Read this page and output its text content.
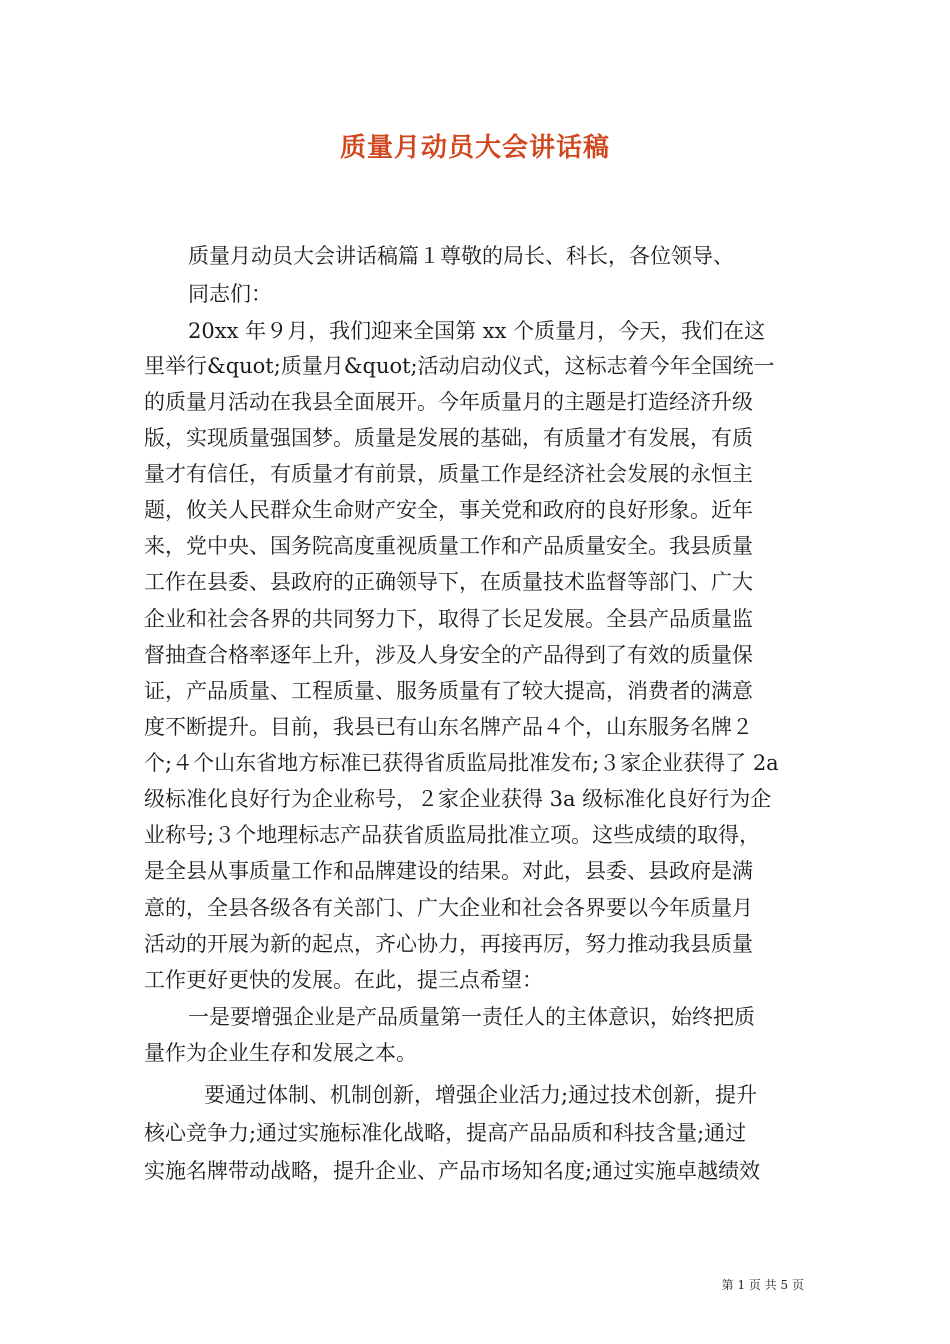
质量月动员大会讲话稿
质量月动员大会讲话稿篇１尊敬的局长、科长，各位领导、
同志们：
20xx 年９月，我们迎来全国第 xx 个质量月，今天，我们在这
里举行&quot;质量月&quot;活动启动仪式，这标志着今年全国统一
的质量月活动在我县全面展开。今年质量月的主题是打造经济升级
版，实现质量强国梦。质量是发展的基础，有质量才有发展，有质
量才有信任，有质量才有前景，质量工作是经济社会发展的永恒主
题，攸关人民群众生命财产安全，事关党和政府的良好形象。近年
来，党中央、国务院高度重视质量工作和产品质量安全。我县质量
工作在县委、县政府的正确领导下，在质量技术监督等部门、广大
企业和社会各界的共同努力下，取得了长足发展。全县产品质量监
督抽查合格率逐年上升，涉及人身安全的产品得到了有效的质量保
证，产品质量、工程质量、服务质量有了较大提高，消费者的满意
度不断提升。目前，我县已有山东名牌产品４个，山东服务名牌２
个;４个山东省地方标准已获得省质监局批准发布;３家企业获得了 2a
级标准化良好行为企业称号，２家企业获得 3a 级标准化良好行为企
业称号;３个地理标志产品获省质监局批准立项。这些成绩的取得，
是全县从事质量工作和品牌建设的结果。对此，县委、县政府是满
意的，全县各级各有关部门、广大企业和社会各界要以今年质量月
活动的开展为新的起点，齐心协力，再接再厉，努力推动我县质量
工作更好更快的发展。在此，提三点希望：
一是要增强企业是产品质量第一责任人的主体意识，始终把质
量作为企业生存和发展之本。
要通过体制、机制创新，增强企业活力;通过技术创新，提升
核心竞争力;通过实施标准化战略，提高产品品质和科技含量;通过
实施名牌带动战略，提升企业、产品市场知名度;通过实施卓越绩效
第 1 页 共 5 页
